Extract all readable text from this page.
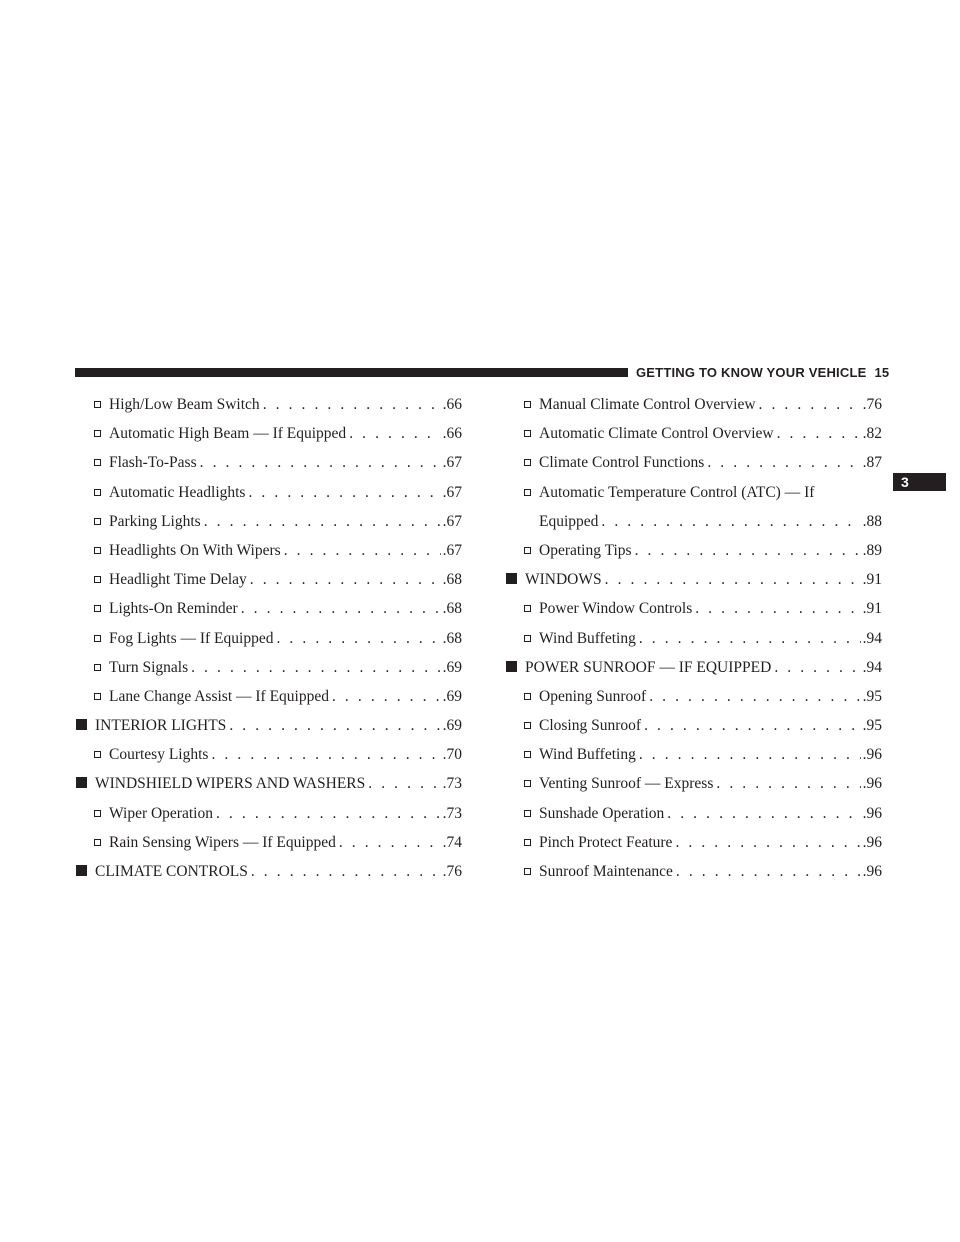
GETTING TO KNOW YOUR VEHICLE 15
3
High/Low Beam Switch . . .	.66
Automatic High Beam — If Equipped . . .	.66
Flash-To-Pass . . .	.67
Automatic Headlights . . .	.67
Parking Lights . . .	.67
Headlights On With Wipers . . .	.67
Headlight Time Delay . . .	.68
Lights-On Reminder . . .	.68
Fog Lights — If Equipped . . .	.68
Turn Signals . . .	.69
Lane Change Assist — If Equipped . . .	.69
INTERIOR LIGHTS . . .	.69
Courtesy Lights . . .	.70
WINDSHIELD WIPERS AND WASHERS . . .	.73
Wiper Operation . . .	.73
Rain Sensing Wipers — If Equipped . . .	.74
CLIMATE CONTROLS . . .	.76
Manual Climate Control Overview . . .	.76
Automatic Climate Control Overview . . .	.82
Climate Control Functions . . .	.87
Automatic Temperature Control (ATC) — If
Equipped . . .	.88
Operating Tips . . .	.89
WINDOWS . . .	.91
Power Window Controls . . .	.91
Wind Buffeting . . .	.94
POWER SUNROOF — IF EQUIPPED . . .	.94
Opening Sunroof . . .	.95
Closing Sunroof . . .	.95
Wind Buffeting . . .	.96
Venting Sunroof — Express . . .	.96
Sunshade Operation . . .	.96
Pinch Protect Feature . . .	.96
Sunroof Maintenance . . .	.96
